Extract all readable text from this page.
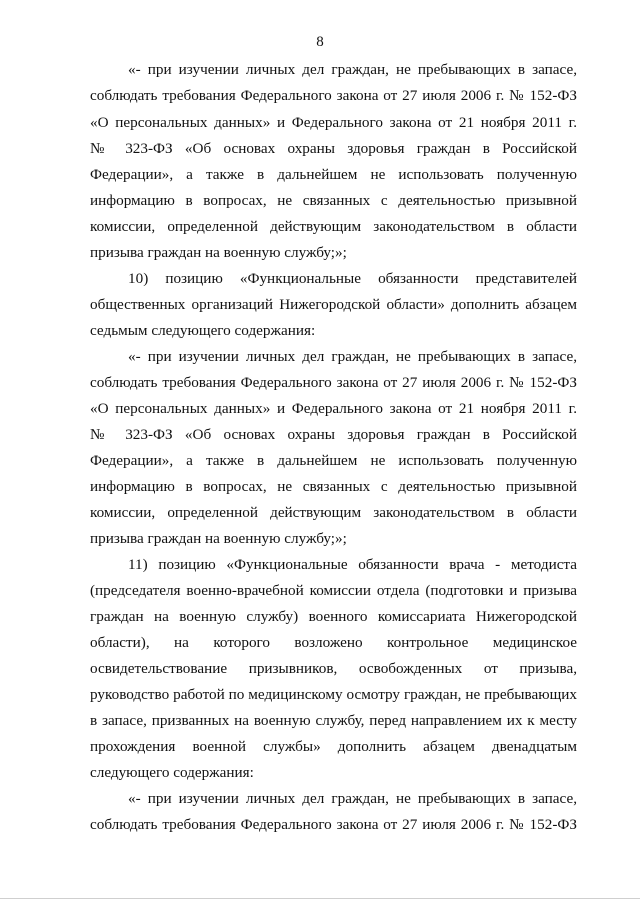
8
«- при изучении личных дел граждан, не пребывающих в запасе,
соблюдать требования Федерального закона от 27 июля 2006 г. № 152-ФЗ
«О персональных данных» и Федерального закона от 21 ноября 2011 г.
№ 323-ФЗ «Об основах охраны здоровья граждан в Российской
Федерации», а также в дальнейшем не использовать полученную
информацию в вопросах, не связанных с деятельностью призывной
комиссии, определенной действующим законодательством в области
призыва граждан на военную службу;»;
10) позицию «Функциональные обязанности представителей
общественных организаций Нижегородской области» дополнить абзацем
седьмым следующего содержания:
«- при изучении личных дел граждан, не пребывающих в запасе,
соблюдать требования Федерального закона от 27 июля 2006 г. № 152-ФЗ
«О персональных данных» и Федерального закона от 21 ноября 2011 г.
№ 323-ФЗ «Об основах охраны здоровья граждан в Российской
Федерации», а также в дальнейшем не использовать полученную
информацию в вопросах, не связанных с деятельностью призывной
комиссии, определенной действующим законодательством в области
призыва граждан на военную службу;»;
11) позицию «Функциональные обязанности врача - методиста
(председателя военно-врачебной комиссии отдела (подготовки и призыва
граждан на военную службу) военного комиссариата Нижегородской
области), на которого возложено контрольное медицинское
освидетельствование призывников, освобожденных от призыва,
руководство работой по медицинскому осмотру граждан, не пребывающих
в запасе, призванных на военную службу, перед направлением их к месту
прохождения военной службы» дополнить абзацем двенадцатым
следующего содержания:
«- при изучении личных дел граждан, не пребывающих в запасе,
соблюдать требования Федерального закона от 27 июля 2006 г. № 152-ФЗ
